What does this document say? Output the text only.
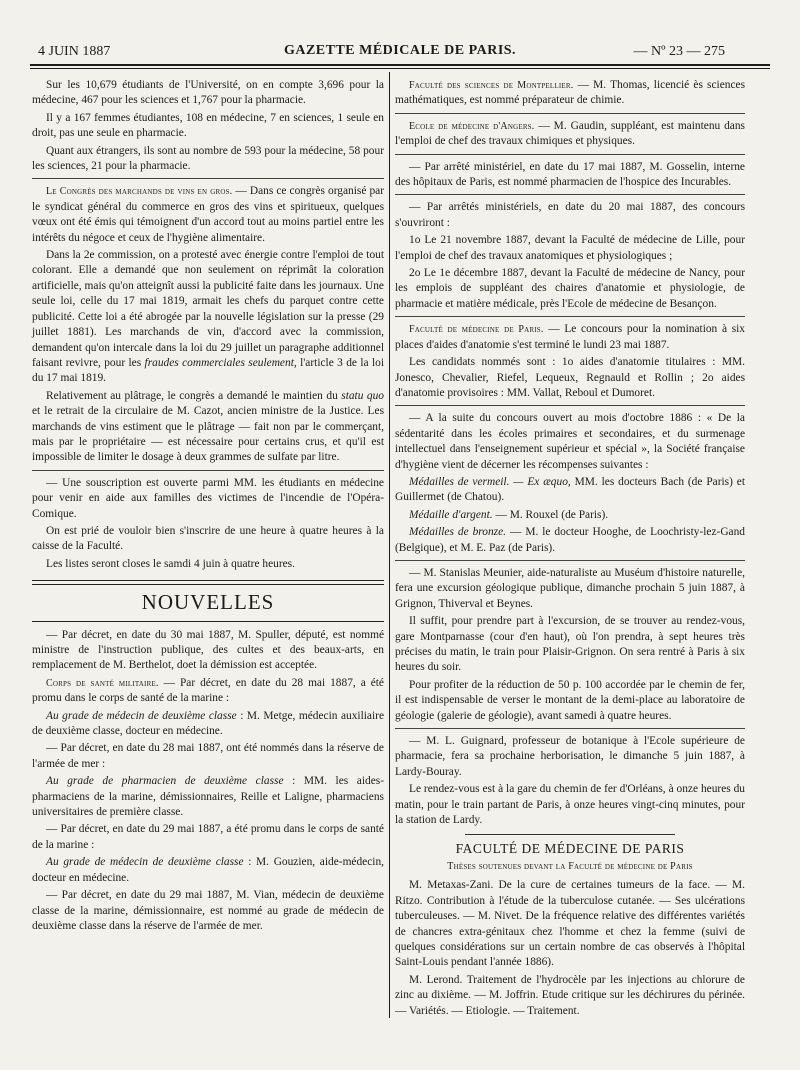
4 JUIN 1887	GAZETTE MÉDICALE DE PARIS.	— Nº 23 — 275

Sur les 10,679 étudiants de l'Université, on en compte 3,696 pour la médecine, 467 pour les sciences et 1,767 pour la pharmacie.

Il y a 167 femmes étudiantes, 108 en médecine, 7 en sciences, 1 seule en droit, pas une seule en pharmacie.

Quant aux étrangers, ils sont au nombre de 593 pour la médecine, 58 pour les sciences, 21 pour la pharmacie.

Le Congrès des marchands de vins en gros. — Dans ce congrès organisé par le syndicat général du commerce en gros des vins et spiritueux, quelques vœux ont été émis qui témoignent d'un accord tout au moins partiel entre les intérêts du négoce et ceux de l'hygiène alimentaire.

Dans la 2e commission, on a protesté avec énergie contre l'emploi de tout colorant. Elle a demandé que non seulement on réprimât la coloration artificielle, mais qu'on atteignît aussi la publicité faite dans les journaux. Une seule loi, celle du 17 mai 1819, armait les chefs du parquet contre cette publicité. Cette loi a été abrogée par la nouvelle législation sur la presse (29 juillet 1881). Les marchands de vin, d'accord avec la commission, demandent qu'on intercale dans la loi du 29 juillet un paragraphe additionnel faisant revivre, pour les fraudes commerciales seulement, l'article 3 de la loi du 17 mai 1819.

Relativement au plâtrage, le congrès a demandé le maintien du statu quo et le retrait de la circulaire de M. Cazot, ancien ministre de la Justice. Les marchands de vins estiment que le plâtrage — fait non par le commerçant, mais par le propriétaire — est nécessaire pour certains crus, et qu'il est impossible de limiter le dosage à deux grammes de sulfate par litre.

— Une souscription est ouverte parmi MM. les étudiants en médecine pour venir en aide aux familles des victimes de l'incendie de l'Opéra-Comique.

On est prié de vouloir bien s'inscrire de une heure à quatre heures à la caisse de la Faculté.

Les listes seront closes le samdi 4 juin à quatre heures.

NOUVELLES

— Par décret, en date du 30 mai 1887, M. Spuller, député, est nommé ministre de l'instruction publique, des cultes et des beaux-arts, en remplacement de M. Berthelot, doet la démission est acceptée.

Corps de santé militaire. — Par décret, en date du 28 mai 1887, a été promu dans le corps de santé de la marine :

Au grade de médecin de deuxième classe : M. Metge, médecin auxiliaire de deuxième classe, docteur en médecine.

— Par décret, en date du 28 mai 1887, ont été nommés dans la réserve de l'armée de mer :

Au grade de pharmacien de deuxième classe : MM. les aides-pharmaciens de la marine, démissionnaires, Reille et Laligne, pharmaciens universitaires de première classe.

— Par décret, en date du 29 mai 1887, a été promu dans le corps de santé de la marine :

Au grade de médecin de deuxième classe : M. Gouzien, aide-médecin, docteur en médecine.

— Par décret, en date du 29 mai 1887, M. Vian, médecin de deuxième classe de la marine, démissionnaire, est nommé au grade de médecin de deuxième classe dans la réserve de l'armée de mer.

Faculté des sciences de Montpellier. — M. Thomas, licencié ès sciences mathématiques, est nommé préparateur de chimie.

Ecole de médecine d'Angers. — M. Gaudin, suppléant, est maintenu dans l'emploi de chef des travaux chimiques et physiques.

— Par arrêté ministériel, en date du 17 mai 1887, M. Gosselin, interne des hôpitaux de Paris, est nommé pharmacien de l'hospice des Incurables.

— Par arrêtés ministériels, en date du 20 mai 1887, des concours s'ouvriront :

1o Le 21 novembre 1887, devant la Faculté de médecine de Lille, pour l'emploi de chef des travaux anatomiques et physiologiques ;

2o Le 1e décembre 1887, devant la Faculté de médecine de Nancy, pour les emplois de suppléant des chaires d'anatomie et physiologie, de pharmacie et matière médicale, près l'Ecole de médecine de Besançon.

Faculté de médecine de Paris. — Le concours pour la nomination à six places d'aides d'anatomie s'est terminé le lundi 23 mai 1887.

Les candidats nommés sont : 1o aides d'anatomie titulaires : MM. Jonesco, Chevalier, Riefel, Lequeux, Regnauld et Rollin ; 2o aides d'anatomie provisoires : MM. Vallat, Reboul et Dumoret.

— A la suite du concours ouvert au mois d'octobre 1886 : « De la sédentarité dans les écoles primaires et secondaires, et du surmenage intellectuel dans l'enseignement supérieur et spécial », la Société française d'hygiène vient de décerner les récompenses suivantes :

Médailles de vermeil. — Ex æquo, MM. les docteurs Bach (de Paris) et Guillermet (de Chatou).

Médaille d'argent. — M. Rouxel (de Paris).

Médailles de bronze. — M. le docteur Hooghe, de Loochristy-lez-Gand (Belgique), et M. E. Paz (de Paris).

— M. Stanislas Meunier, aide-naturaliste au Muséum d'histoire naturelle, fera une excursion géologique publique, dimanche prochain 5 juin 1887, à Grignon, Thiverval et Beynes.

Il suffit, pour prendre part à l'excursion, de se trouver au rendez-vous, gare Montparnasse (cour d'en haut), où l'on prendra, à sept heures très précises du matin, le train pour Plaisir-Grignon. On sera rentré à Paris à six heures du soir.

Pour profiter de la réduction de 50 p. 100 accordée par le chemin de fer, il est indispensable de verser le montant de la demi-place au laboratoire de géologie (galerie de géologie), avant samedi à quatre heures.

— M. L. Guignard, professeur de botanique à l'Ecole supérieure de pharmacie, fera sa prochaine herborisation, le dimanche 5 juin 1887, à Lardy-Bouray.

Le rendez-vous est à la gare du chemin de fer d'Orléans, à onze heures du matin, pour le train partant de Paris, à onze heures vingt-cinq minutes, pour la station de Lardy.

FACULTÉ DE MÉDECINE DE PARIS
Thèses soutenues devant la Faculté de médecine de Paris

M. Metaxas-Zani. De la cure de certaines tumeurs de la face. — M. Ritzo. Contribution à l'étude de la tuberculose cutanée. — Ses ulcérations tuberculeuses. — M. Nivet. De la fréquence relative des différentes variétés de chancres extra-génitaux chez l'homme et chez la femme (suivi de quelques considérations sur un certain nombre de cas observés à l'hôpital Saint-Louis pendant l'année 1886).

M. Lerond. Traitement de l'hydrocèle par les injections au chlorure de zinc au dixième. — M. Joffrin. Etude critique sur les déchirures du périnée. — Variétés. — Etiologie. — Traitement.
